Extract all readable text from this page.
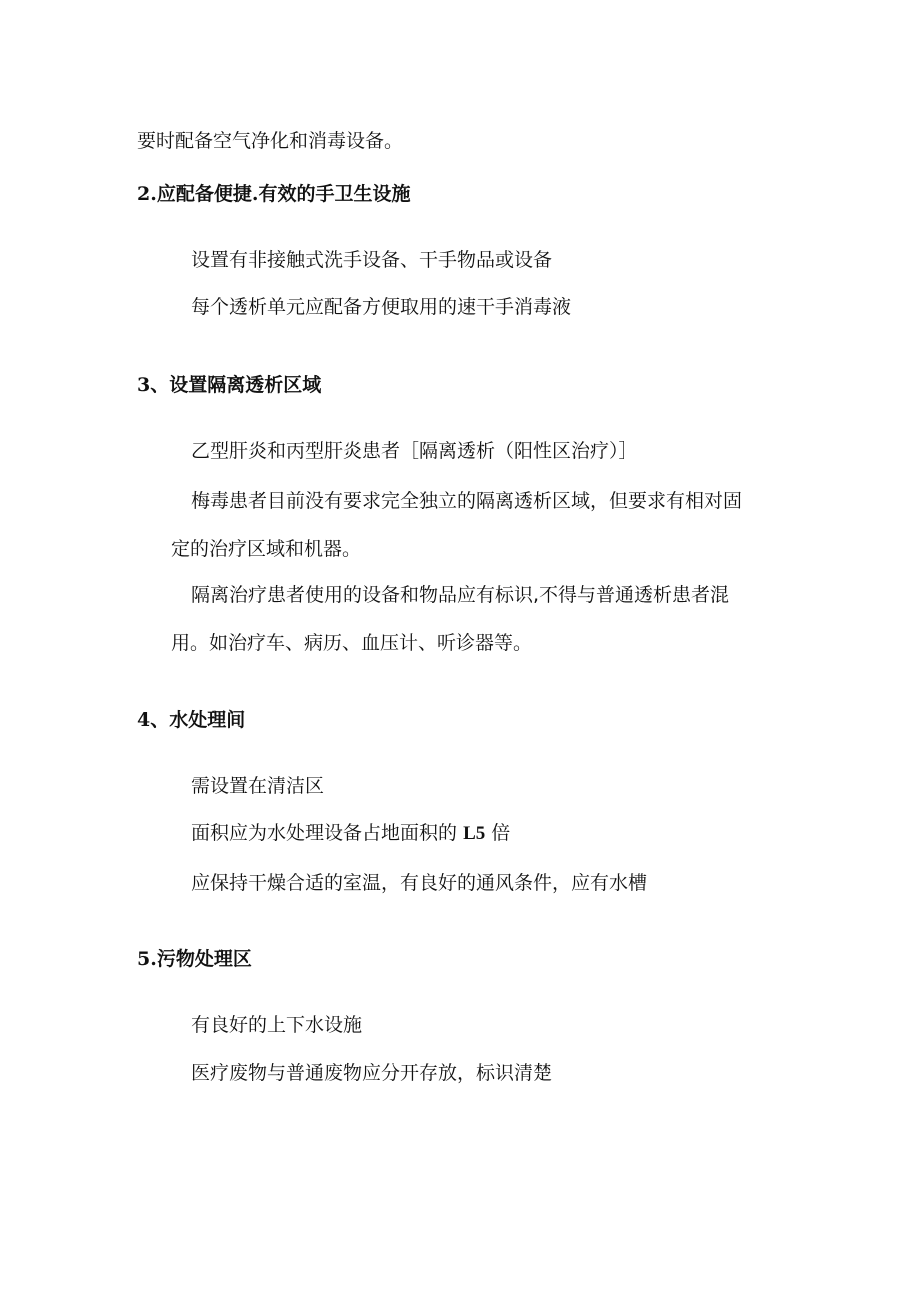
要时配备空气净化和消毒设备。
2.应配备便捷.有效的手卫生设施
设置有非接触式洗手设备、干手物品或设备
每个透析单元应配备方便取用的速干手消毒液
3、设置隔离透析区域
乙型肝炎和丙型肝炎患者［隔离透析（阳性区治疗）］
梅毒患者目前没有要求完全独立的隔离透析区域，但要求有相对固
定的治疗区域和机器。
隔离治疗患者使用的设备和物品应有标识,不得与普通透析患者混
用。如治疗车、病历、血压计、听诊器等。
4、水处理间
需设置在清洁区
面积应为水处理设备占地面积的 L5 倍
应保持干燥合适的室温，有良好的通风条件，应有水槽
5.污物处理区
有良好的上下水设施
医疗废物与普通废物应分开存放，标识清楚
